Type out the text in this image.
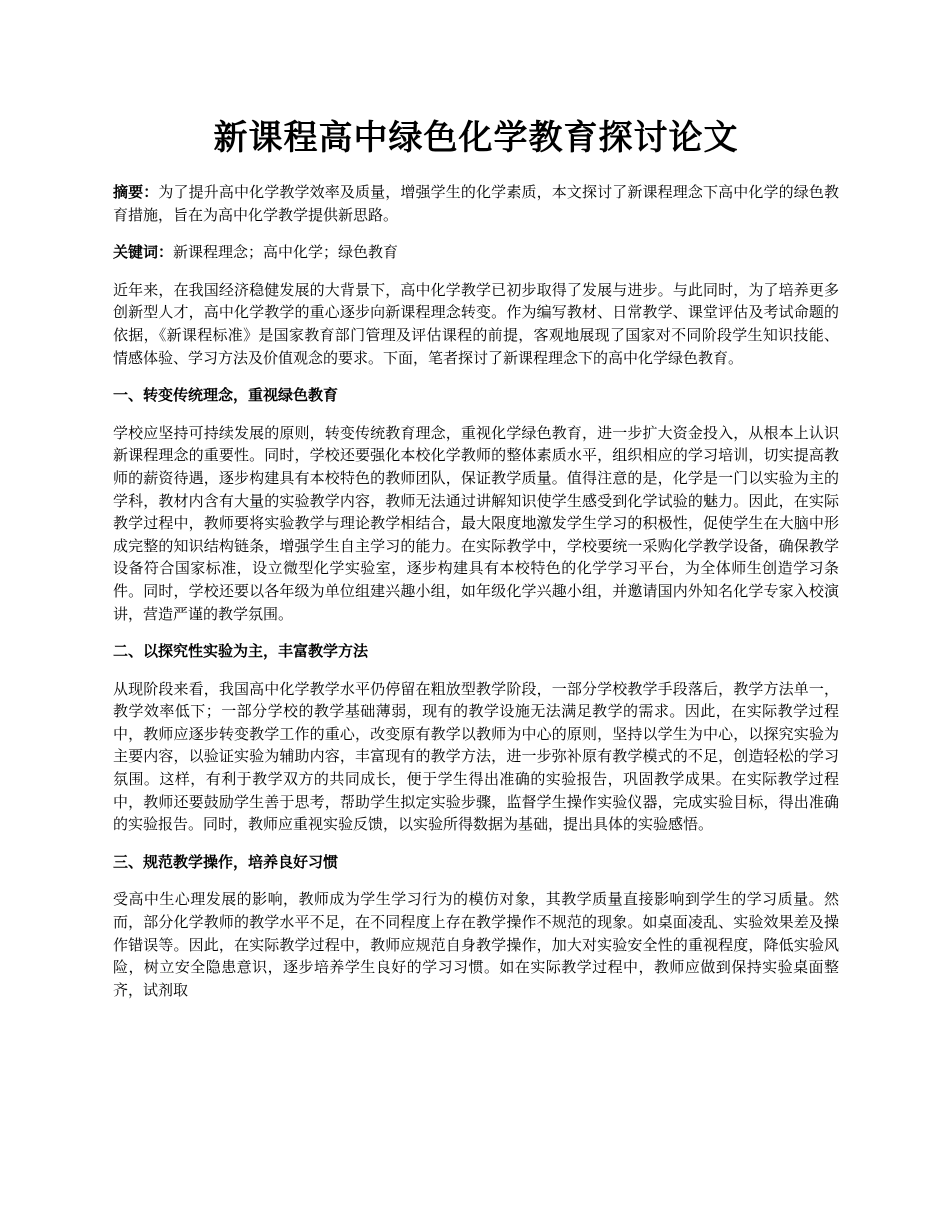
新课程高中绿色化学教育探讨论文

摘要：为了提升高中化学教学效率及质量，增强学生的化学素质，本文探讨了新课程理念下高中化学的绿色教育措施，旨在为高中化学教学提供新思路。

关键词：新课程理念；高中化学；绿色教育

近年来，在我国经济稳健发展的大背景下，高中化学教学已初步取得了发展与进步。与此同时，为了培养更多创新型人才，高中化学教学的重心逐步向新课程理念转变。作为编写教材、日常教学、课堂评估及考试命题的依据，《新课程标准》是国家教育部门管理及评估课程的前提，客观地展现了国家对不同阶段学生知识技能、情感体验、学习方法及价值观念的要求。下面，笔者探讨了新课程理念下的高中化学绿色教育。

一、转变传统理念，重视绿色教育

学校应坚持可持续发展的原则，转变传统教育理念，重视化学绿色教育，进一步扩大资金投入，从根本上认识新课程理念的重要性。同时，学校还要强化本校化学教师的整体素质水平，组织相应的学习培训，切实提高教师的薪资待遇，逐步构建具有本校特色的教师团队，保证教学质量。值得注意的是，化学是一门以实验为主的学科，教材内含有大量的实验教学内容，教师无法通过讲解知识使学生感受到化学试验的魅力。因此，在实际教学过程中，教师要将实验教学与理论教学相结合，最大限度地激发学生学习的积极性，促使学生在大脑中形成完整的知识结构链条，增强学生自主学习的能力。在实际教学中，学校要统一采购化学教学设备，确保教学设备符合国家标准，设立微型化学实验室，逐步构建具有本校特色的化学学习平台，为全体师生创造学习条件。同时，学校还要以各年级为单位组建兴趣小组，如年级化学兴趣小组，并邀请国内外知名化学专家入校演讲，营造严谨的教学氛围。

二、以探究性实验为主，丰富教学方法

从现阶段来看，我国高中化学教学水平仍停留在粗放型教学阶段，一部分学校教学手段落后，教学方法单一，教学效率低下；一部分学校的教学基础薄弱，现有的教学设施无法满足教学的需求。因此，在实际教学过程中，教师应逐步转变教学工作的重心，改变原有教学以教师为中心的原则，坚持以学生为中心，以探究实验为主要内容，以验证实验为辅助内容，丰富现有的教学方法，进一步弥补原有教学模式的不足，创造轻松的学习氛围。这样，有利于教学双方的共同成长，便于学生得出准确的实验报告，巩固教学成果。在实际教学过程中，教师还要鼓励学生善于思考，帮助学生拟定实验步骤，监督学生操作实验仪器，完成实验目标，得出准确的实验报告。同时，教师应重视实验反馈，以实验所得数据为基础，提出具体的实验感悟。

三、规范教学操作，培养良好习惯

受高中生心理发展的影响，教师成为学生学习行为的模仿对象，其教学质量直接影响到学生的学习质量。然而，部分化学教师的教学水平不足，在不同程度上存在教学操作不规范的现象。如桌面凌乱、实验效果差及操作错误等。因此，在实际教学过程中，教师应规范自身教学操作，加大对实验安全性的重视程度，降低实验风险，树立安全隐患意识，逐步培养学生良好的学习习惯。如在实际教学过程中，教师应做到保持实验桌面整齐，试剂取
